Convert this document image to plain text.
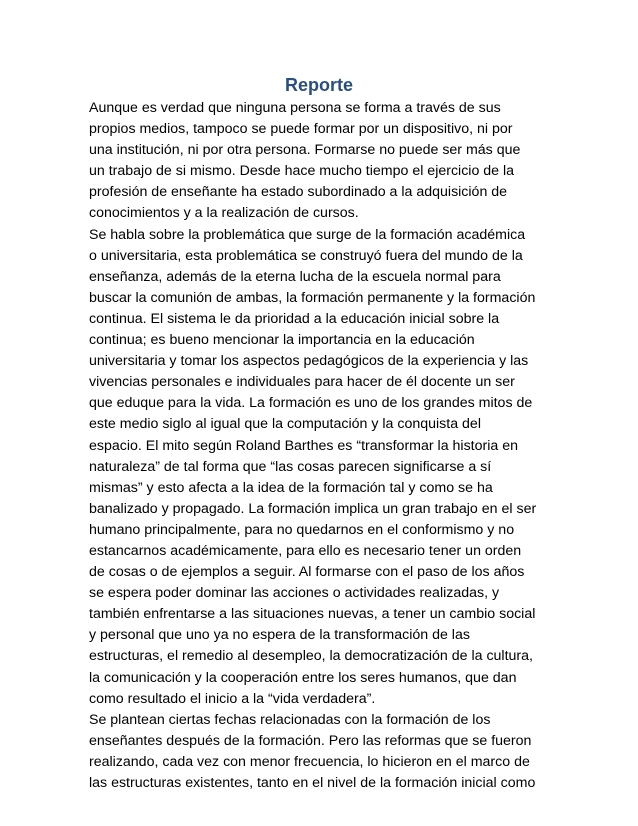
Reporte
Aunque es verdad que ninguna persona se forma a través de sus
propios medios, tampoco se puede formar por un dispositivo, ni por
una institución, ni por otra persona. Formarse no puede ser más que
un trabajo de si mismo. Desde hace mucho tiempo el ejercicio de la
profesión de enseñante ha estado subordinado a la adquisición de
conocimientos y a la realización de cursos.
Se habla sobre la problemática que surge de la formación académica
o universitaria, esta problemática se construyó fuera del mundo de la
enseñanza, además de la eterna lucha de la escuela normal para
buscar la comunión de ambas, la formación permanente y la formación
continua. El sistema le da prioridad a la educación inicial sobre la
continua; es bueno mencionar la importancia en la educación
universitaria y tomar los aspectos pedagógicos de la experiencia y las
vivencias personales e individuales para hacer de él docente un ser
que eduque para la vida. La formación es uno de los grandes mitos de
este medio siglo al igual que la computación y la conquista del
espacio. El mito según Roland Barthes es “transformar la historia en
naturaleza” de tal forma que “las cosas parecen significarse a sí
mismas” y esto afecta a la idea de la formación tal y como se ha
banalizado y propagado. La formación implica un gran trabajo en el ser
humano principalmente, para no quedarnos en el conformismo y no
estancarnos académicamente, para ello es necesario tener un orden
de cosas o de ejemplos a seguir. Al formarse con el paso de los años
se espera poder dominar las acciones o actividades realizadas, y
también enfrentarse a las situaciones nuevas, a tener un cambio social
y personal que uno ya no espera de la transformación de las
estructuras, el remedio al desempleo, la democratización de la cultura,
la comunicación y la cooperación entre los seres humanos, que dan
como resultado el inicio a la “vida verdadera”.
Se plantean ciertas fechas relacionadas con la formación de los
enseñantes después de la formación. Pero las reformas que se fueron
realizando, cada vez con menor frecuencia, lo hicieron en el marco de
las estructuras existentes, tanto en el nivel de la formación inicial como
